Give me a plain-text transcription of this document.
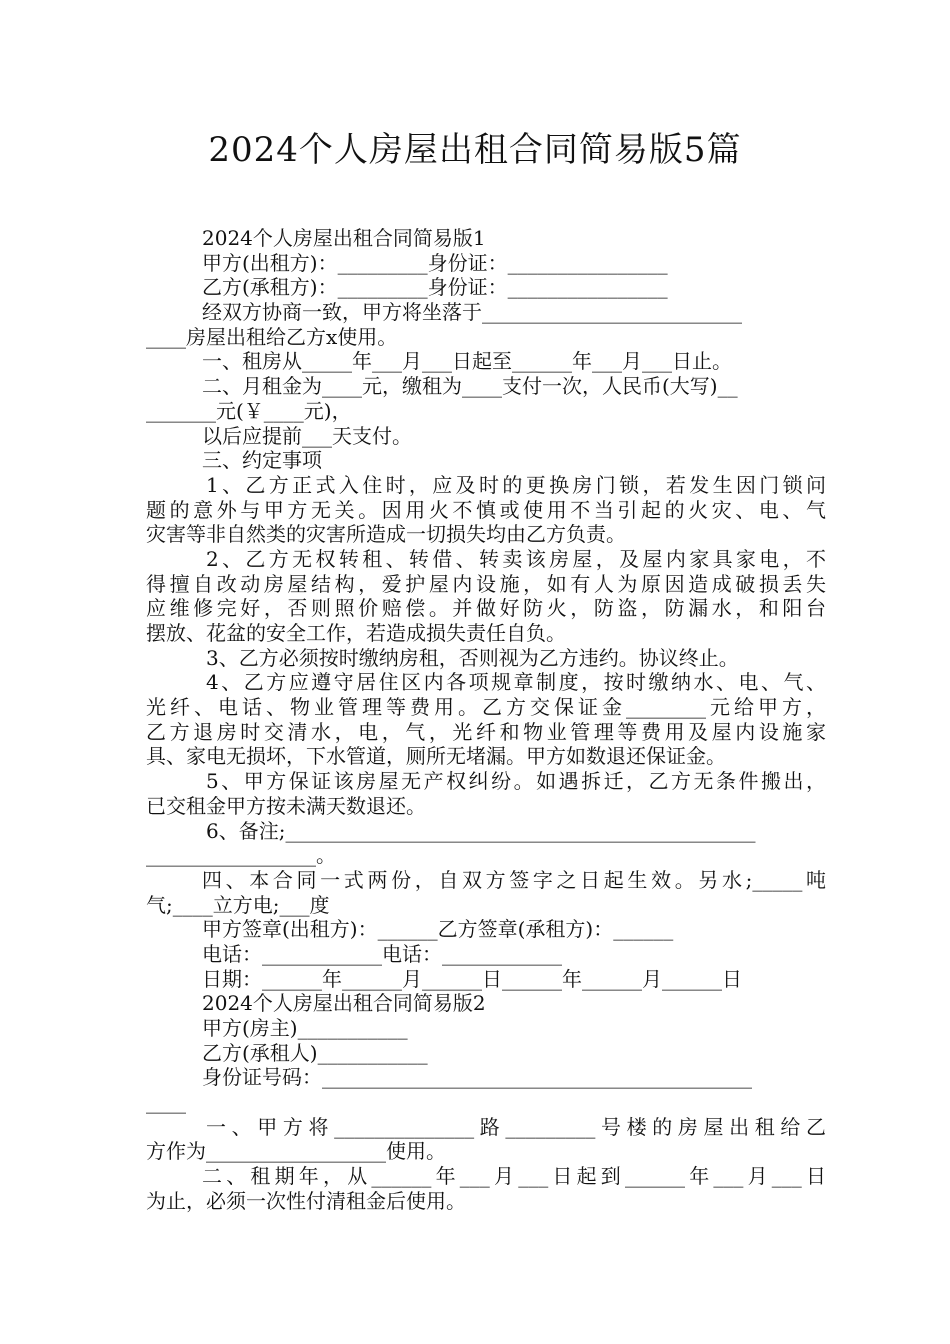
2024个人房屋出租合同简易版5篇
2024个人房屋出租合同简易版1
甲方(出租方)：_________身份证：________________
乙方(承租方)：_________身份证：________________
经双方协商一致，甲方将坐落于__________________________
____房屋出租给乙方x使用。
一、租房从_____年___月___日起至______年___月___日止。
二、月租金为____元，缴租为____支付一次，人民币(大写)__
_______元(￥____元)，
以后应提前___天支付。
三、约定事项
1、乙方正式入住时，应及时的更换房门锁，若发生因门锁问
题的意外与甲方无关。因用火不慎或使用不当引起的火灾、电、气
灾害等非自然类的灾害所造成一切损失均由乙方负责。
2、乙方无权转租、转借、转卖该房屋，及屋内家具家电，不
得擅自改动房屋结构，爱护屋内设施，如有人为原因造成破损丢失
应维修完好，否则照价赔偿。并做好防火，防盗，防漏水，和阳台
摆放、花盆的安全工作，若造成损失责任自负。
3、乙方必须按时缴纳房租，否则视为乙方违约。协议终止。
4、乙方应遵守居住区内各项规章制度，按时缴纳水、电、气、
光纤、电话、物业管理等费用。乙方交保证金________元给甲方，
乙方退房时交清水，电，气，光纤和物业管理等费用及屋内设施家
具、家电无损坏，下水管道，厕所无堵漏。甲方如数退还保证金。
5、甲方保证该房屋无产权纠纷。如遇拆迁，乙方无条件搬出，
已交租金甲方按未满天数退还。
6、备注;_______________________________________________
_________________。
四、本合同一式两份，自双方签字之日起生效。另水;_____吨
气;____立方电;___度
甲方签章(出租方)：______乙方签章(承租方)：______
电话：____________电话：____________
日期：______年______月______日______年______月______日
2024个人房屋出租合同简易版2
甲方(房主)___________
乙方(承租人)___________
身份证号码：___________________________________________
____
一、甲方将______________路_________号楼的房屋出租给乙
方作为__________________使用。
二、租期年，从______年___月___日起到______年___月___日
为止，必须一次性付清租金后使用。
